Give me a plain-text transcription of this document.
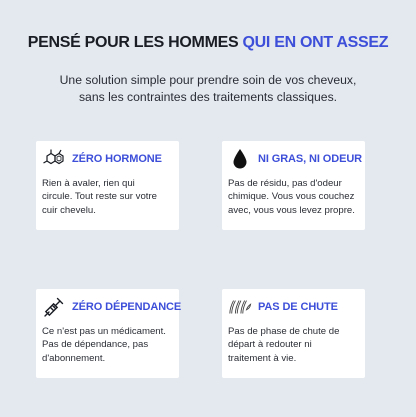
PENSÉ POUR LES HOMMES QUI EN ONT ASSEZ
Une solution simple pour prendre soin de vos cheveux,
sans les contraintes des traitements classiques.
ZÉRO HORMONE
Rien à avaler, rien qui
circule. Tout reste sur votre
cuir chevelu.
NI GRAS, NI ODEUR
Pas de résidu, pas d'odeur
chimique. Vous vous couchez
avec, vous vous levez propre.
ZÉRO DÉPENDANCE
Ce n'est pas un médicament.
Pas de dépendance, pas
d'abonnement.
PAS DE CHUTE
Pas de phase de chute de
départ à redouter ni
traitement à vie.
